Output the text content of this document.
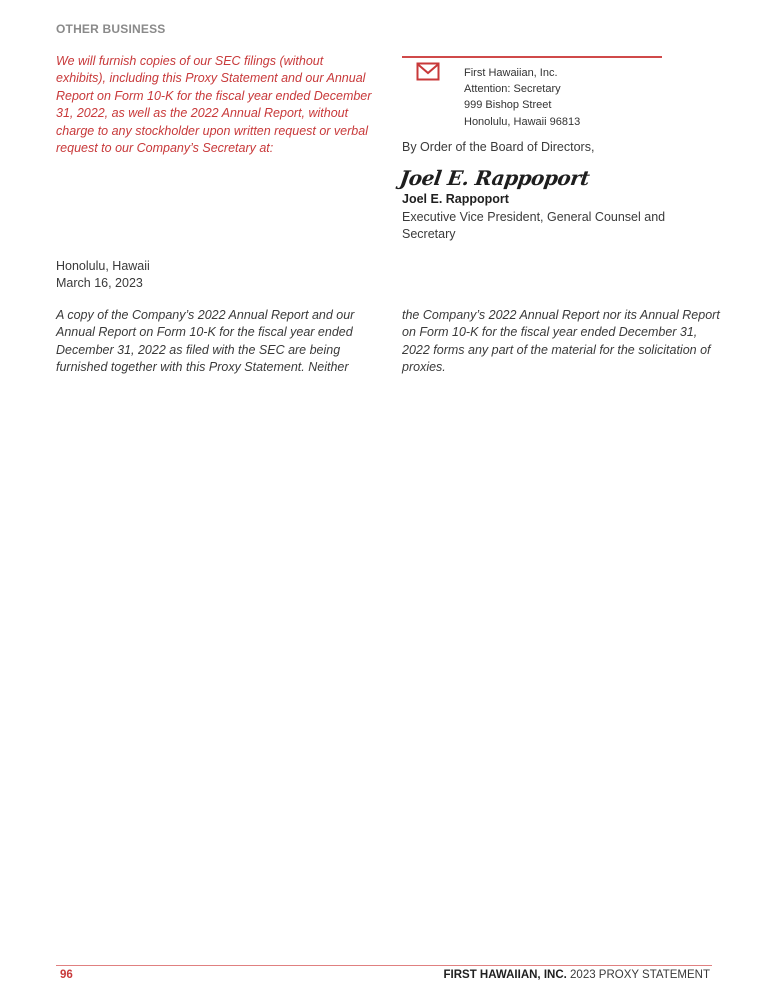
OTHER BUSINESS

We will furnish copies of our SEC filings (without exhibits), including this Proxy Statement and our Annual Report on Form 10-K for the fiscal year ended December 31, 2022, as well as the 2022 Annual Report, without charge to any stockholder upon written request or verbal request to our Company’s Secretary at:

First Hawaiian, Inc.
Attention: Secretary
999 Bishop Street
Honolulu, Hawaii 96813

By Order of the Board of Directors,

Joel E. Rappoport

Joel E. Rappoport

Executive Vice President, General Counsel and Secretary

Honolulu, Hawaii
March 16, 2023

A copy of the Company’s 2022 Annual Report and our Annual Report on Form 10-K for the fiscal year ended December 31, 2022 as filed with the SEC are being furnished together with this Proxy Statement. Neither

the Company’s 2022 Annual Report nor its Annual Report on Form 10-K for the fiscal year ended December 31, 2022 forms any part of the material for the solicitation of proxies.

96	FIRST HAWAIIAN, INC. 2023 PROXY STATEMENT
